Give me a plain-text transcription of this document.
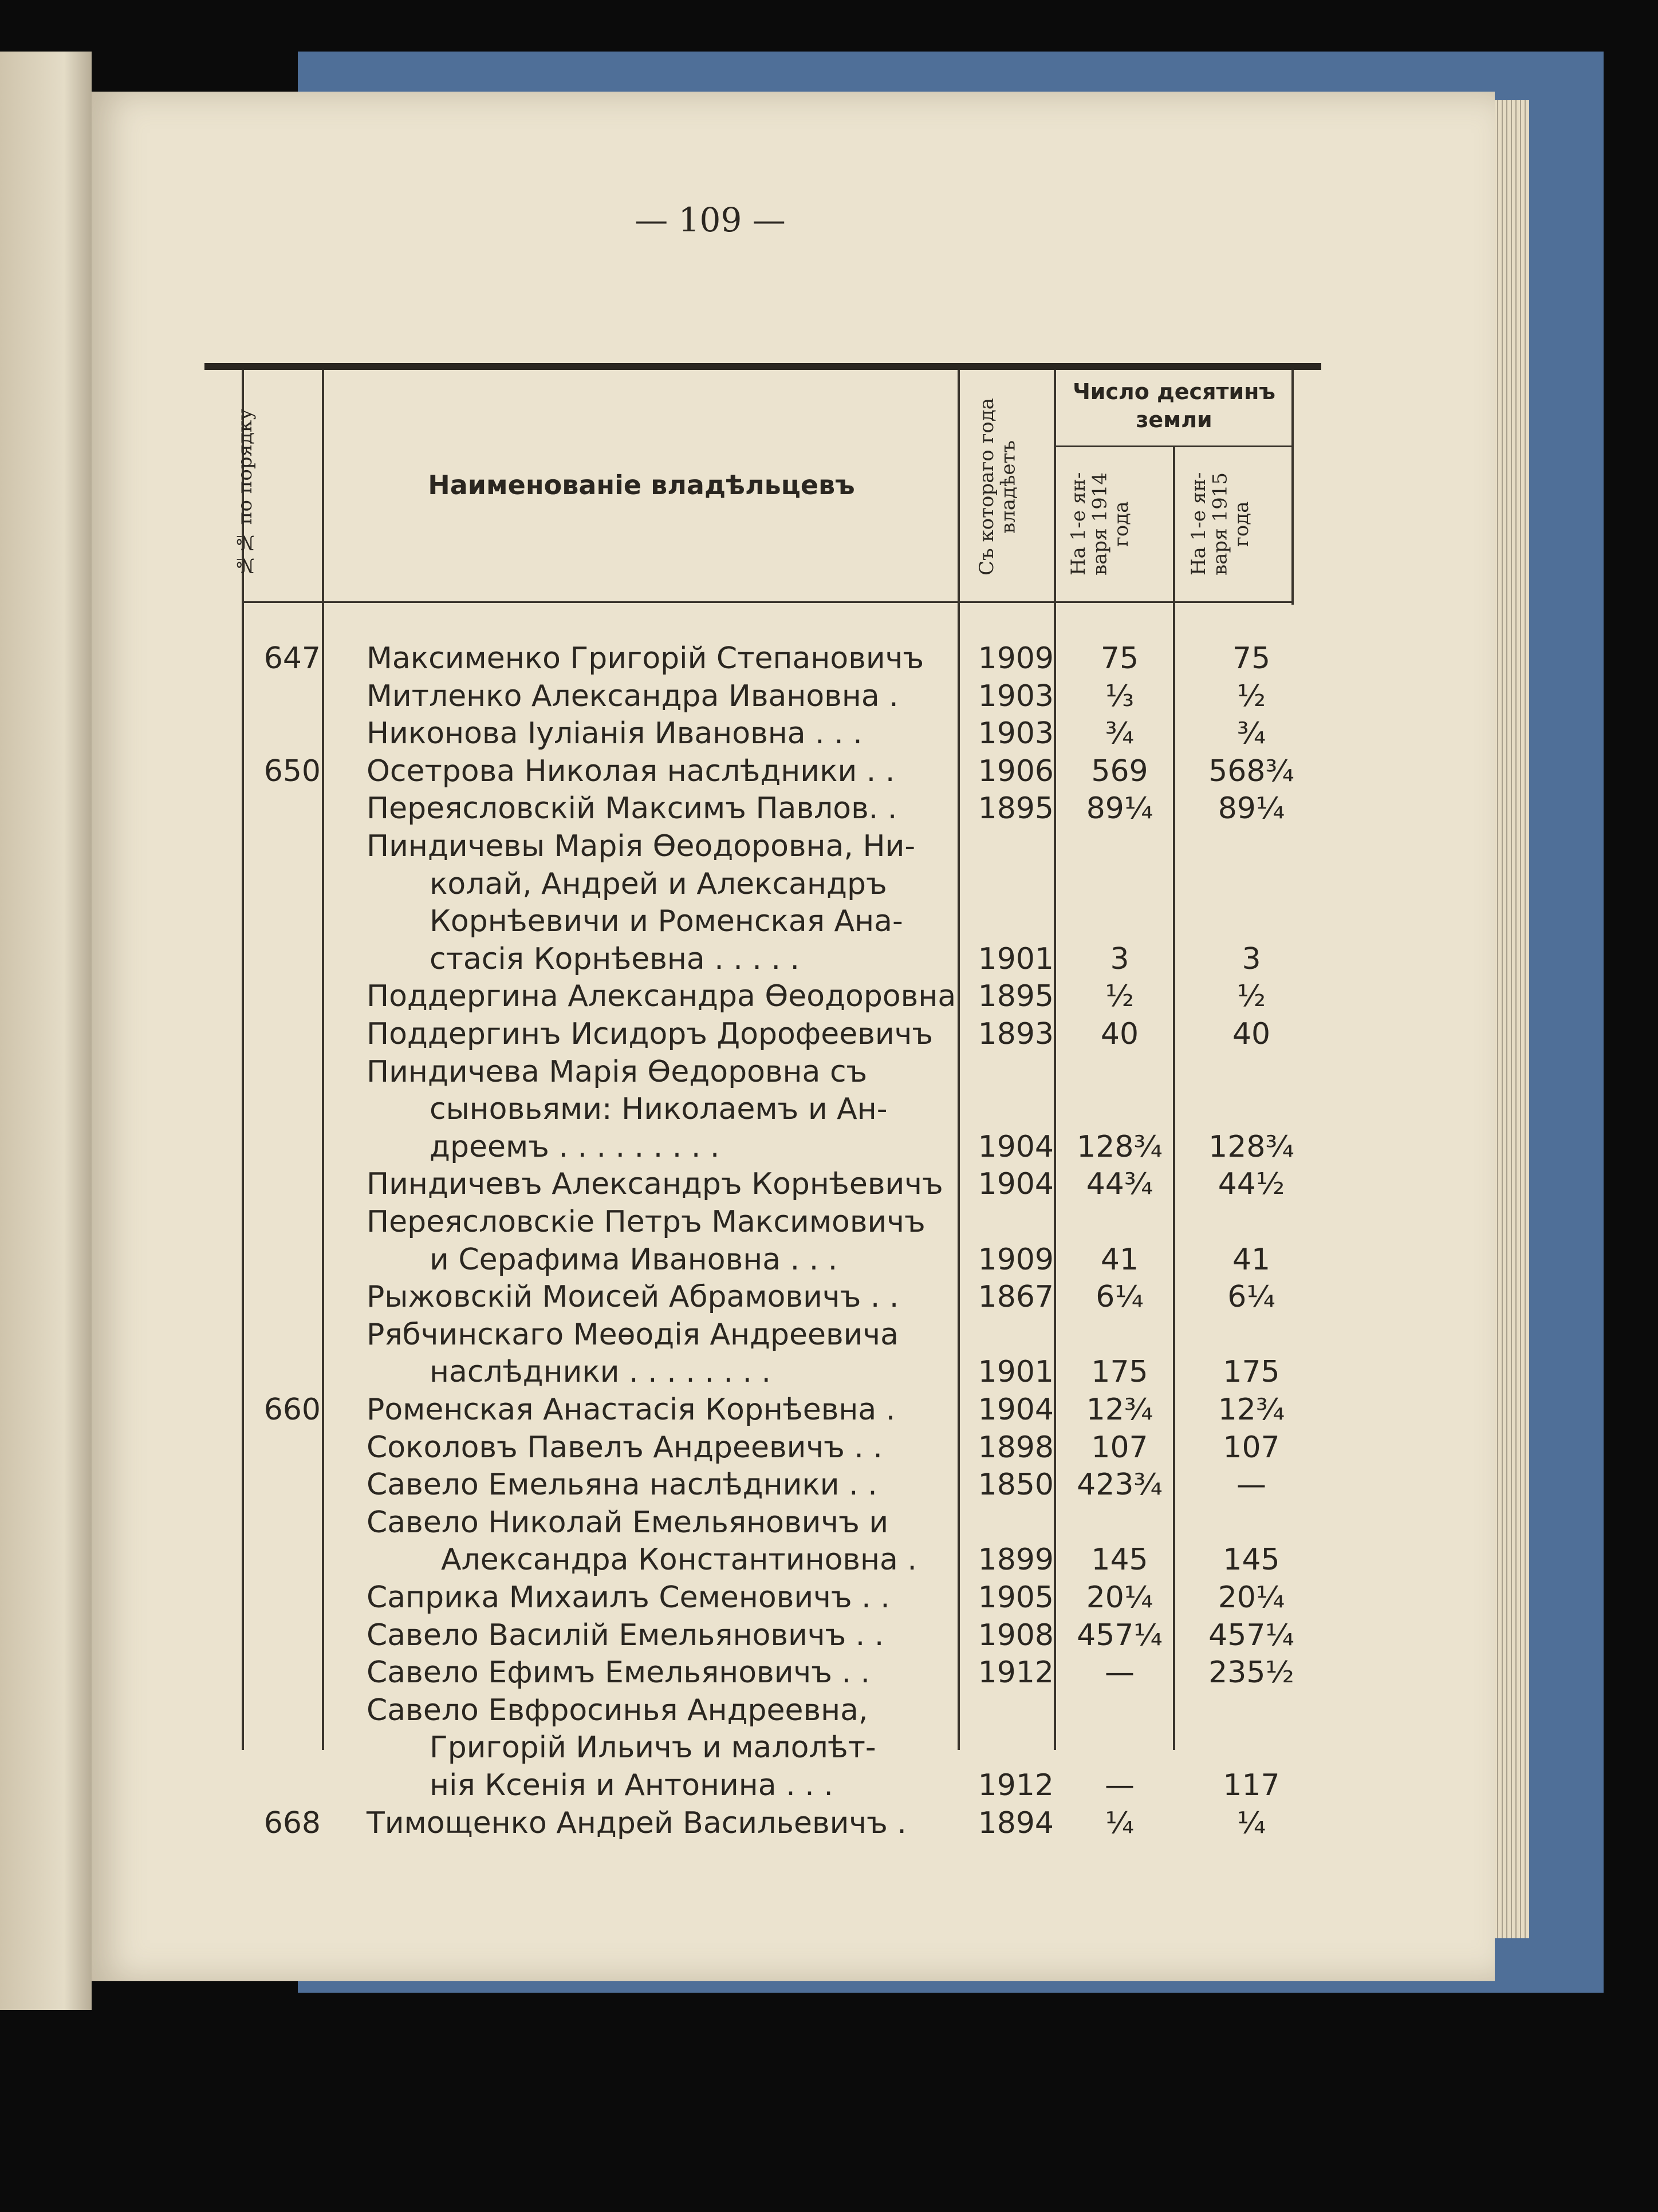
— 109 —
№№ по порядку	Наименованіе владѣльцевъ	Съ котораго года владѣетъ
Число десятинъ земли
На 1-е ян-варя 1914 года	На 1-е ян-варя 1915 года
647 Максименко Григорій Степановичъ	1909	75	75
Митленко Александра Ивановна .	1903	⅓	½
Никонова Іуліанія Ивановна . . .	1903	¾	¾
650 Осетрова Николая наслѣдники . .	1906	569	568¾
Переясловскій Максимъ Павлов. .	1895	89¼	89¼
Пиндичевы Марія Өеодоровна, Ни-
колай, Андрей и Александръ
Корнѣевичи и Роменская Ана-
стасія Корнѣевна . . . . .	1901	3	3
Поддергина Александра Өеодоровна 1895	½	½
Поддергинъ Исидоръ Дорофеевичъ	1893	40	40
Пиндичева Марія Өедоровна съ
сыновьями: Николаемъ и Ан-
дреемъ . . . . . . . . .	1904 128¾	128¾
Пиндичевъ Александръ Корнѣевичъ	1904	44¾	44½
Переясловскіе Петръ Максимовичъ
и Серафима Ивановна . . .	1909	41	41
Рыжовскій Моисей Абрамовичъ . .	1867	6¼	6¼
Рябчинскаго Меѳодія Андреевича
наслѣдники . . . . . . . .	1901	175	175
660 Роменская Анастасія Корнѣевна .	1904	12¾	12¾
Соколовъ Павелъ Андреевичъ . .	1898	107	107
Савело Емельяна наслѣдники . .	1850 423¾	—
Савело Николай Емельяновичъ и
Александра Константиновна .	1899	145	145
Саприка Михаилъ Семеновичъ . .	1905	20¼	20¼
Савело Василій Емельяновичъ . .	1908 457¼	457¼
Савело Ефимъ Емельяновичъ . .	1912	—	235½
Савело Евфросинья Андреевна,
Григорій Ильичъ и малолѣт-
нія Ксенія и Антонина . . .	1912	—	117
668 Тимощенко Андрей Васильевичъ .	1894	¼	¼
